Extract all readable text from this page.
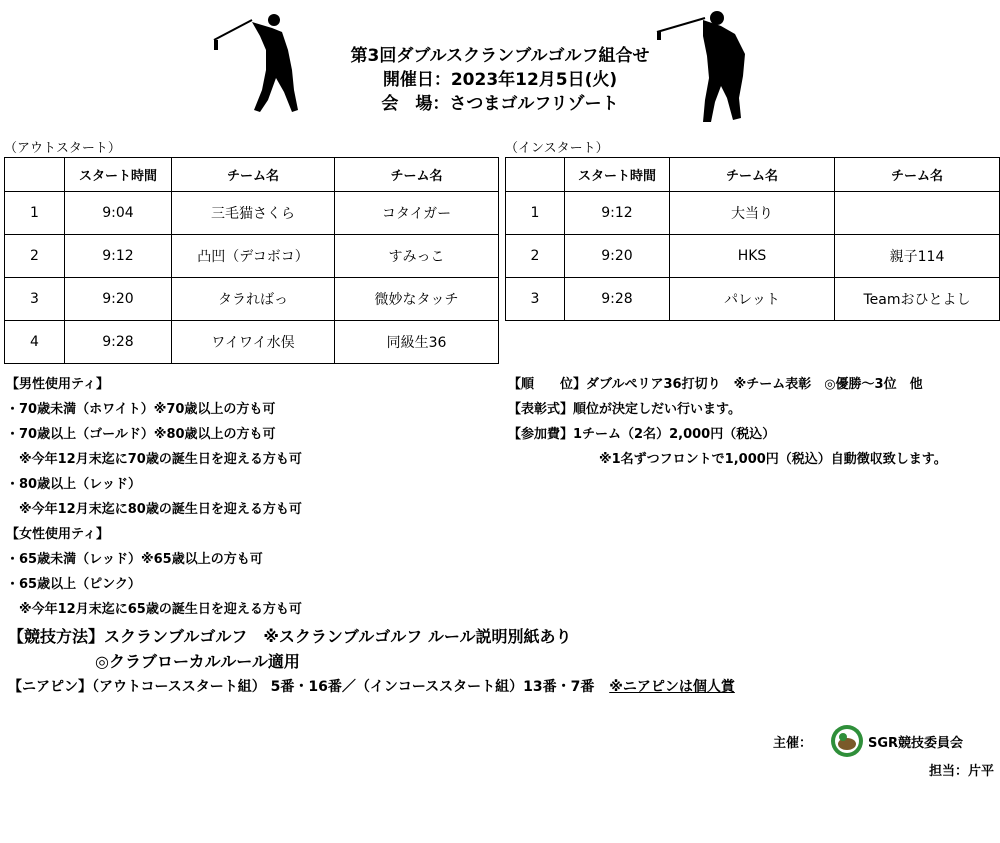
第3回ダブルスクランブルゴルフ組合せ
開催日：2023年12月5日(火)
会　場：さつまゴルフリゾート
（アウトスタート）
	スタート時間	チーム名	チーム名
1	9:04	三毛猫さくら	コタイガー
2	9:12	凸凹（デコボコ）	すみっこ
3	9:20	タラればっ	微妙なタッチ
4	9:28	ワイワイ水俣	同級生36
（インスタート）
	スタート時間	チーム名	チーム名
1	9:12	大当り	
2	9:20	HKS	親子114
3	9:28	パレット	Teamおひとよし
【男性使用ティ】
・70歳未満（ホワイト）※70歳以上の方も可
・70歳以上（ゴールド）※80歳以上の方も可
　※今年12月末迄に70歳の誕生日を迎える方も可
・80歳以上（レッド）
　※今年12月末迄に80歳の誕生日を迎える方も可
【女性使用ティ】
・65歳未満（レッド）※65歳以上の方も可
・65歳以上（ピンク）
　※今年12月末迄に65歳の誕生日を迎える方も可
【順　　位】ダブルペリア36打切り　※チーム表彰　◎優勝～3位　他
【表彰式】順位が決定しだい行います。
【参加費】1チーム（2名）2,000円（税込）
　　　　　　　※1名ずつフロントで1,000円（税込）自動徴収致します。
【競技方法】スクランブルゴルフ　※スクランブルゴルフ ルール説明別紙あり
◎クラブローカルルール適用
【ニアピン】（アウトコーススタート組） 5番・16番／（インコーススタート組）13番・7番 ※ニアピンは個人賞
主催：	SGR競技委員会
担当：片平
